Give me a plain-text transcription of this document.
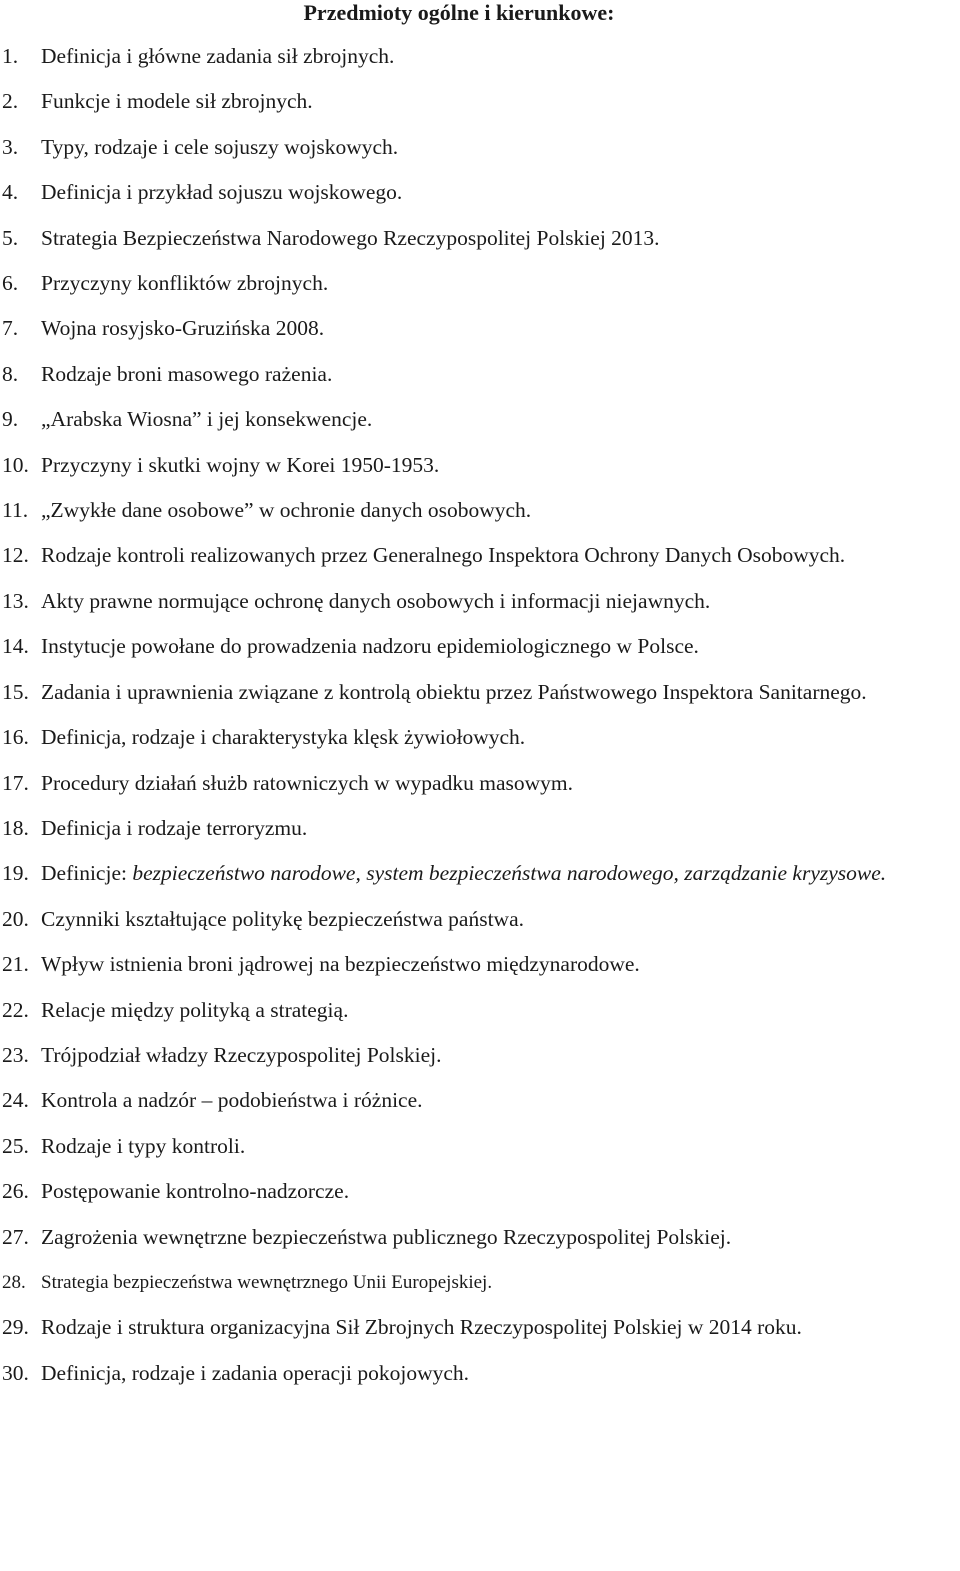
Przedmioty ogólne i kierunkowe:
1. Definicja i główne zadania sił zbrojnych.
2. Funkcje i modele sił zbrojnych.
3. Typy, rodzaje i cele sojuszy wojskowych.
4. Definicja i przykład sojuszu wojskowego.
5. Strategia Bezpieczeństwa Narodowego Rzeczypospolitej Polskiej 2013.
6. Przyczyny konfliktów zbrojnych.
7. Wojna rosyjsko-Gruzińska 2008.
8. Rodzaje broni masowego rażenia.
9. „Arabska Wiosna” i jej konsekwencje.
10. Przyczyny i skutki wojny w Korei 1950-1953.
11. „Zwykłe dane osobowe” w ochronie danych osobowych.
12. Rodzaje kontroli realizowanych przez Generalnego Inspektora Ochrony Danych Osobowych.
13. Akty prawne normujące ochronę danych osobowych i informacji niejawnych.
14. Instytucje powołane do prowadzenia nadzoru epidemiologicznego w Polsce.
15. Zadania i uprawnienia związane z kontrolą obiektu przez Państwowego Inspektora Sanitarnego.
16. Definicja, rodzaje i charakterystyka klęsk żywiołowych.
17. Procedury działań służb ratowniczych w wypadku masowym.
18. Definicja i rodzaje terroryzmu.
19. Definicje: bezpieczeństwo narodowe, system bezpieczeństwa narodowego, zarządzanie kryzysowe.
20. Czynniki kształtujące politykę bezpieczeństwa państwa.
21. Wpływ istnienia broni jądrowej na bezpieczeństwo międzynarodowe.
22. Relacje między polityką a strategią.
23. Trójpodział władzy Rzeczypospolitej Polskiej.
24. Kontrola a nadzór – podobieństwa i różnice.
25. Rodzaje i typy kontroli.
26. Postępowanie kontrolno-nadzorcze.
27. Zagrożenia wewnętrzne bezpieczeństwa publicznego Rzeczypospolitej Polskiej.
28. Strategia bezpieczeństwa wewnętrznego Unii Europejskiej.
29. Rodzaje i struktura organizacyjna Sił Zbrojnych Rzeczypospolitej Polskiej w 2014 roku.
30. Definicja, rodzaje i zadania operacji pokojowych.
